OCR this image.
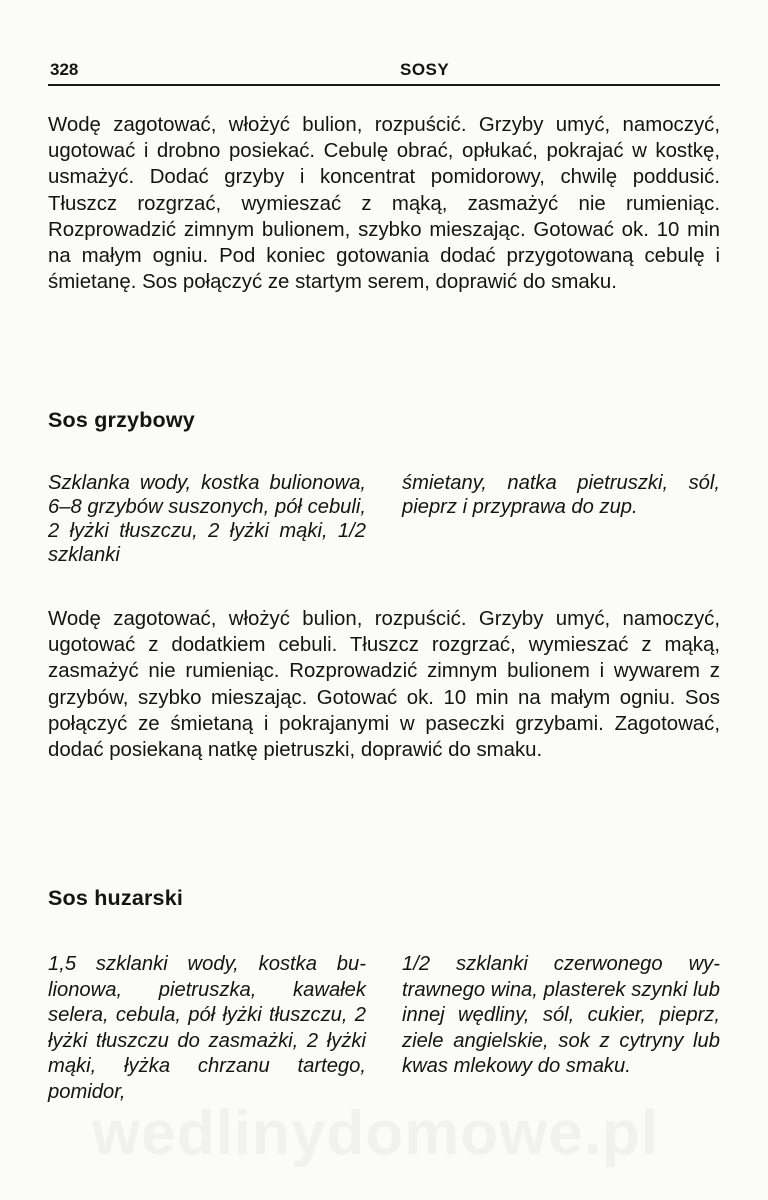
328	SOSY

Wodę zagotować, włożyć bulion, rozpuścić. Grzyby umyć, namoczyć, ugotować i drobno posiekać. Cebulę obrać, opłukać, pokrajać w kostkę, usmażyć. Dodać grzyby i koncentrat pomidorowy, chwilę poddusić. Tłuszcz rozgrzać, wymieszać z mąką, zasmażyć nie rumieniąc. Rozprowadzić zimnym bulionem, szybko mieszając. Gotować ok. 10 min na małym ogniu. Pod koniec gotowania dodać przygotowaną cebulę i śmietanę. Sos połączyć ze startym serem, doprawić do smaku.

Sos grzybowy

Szklanka wody, kostka bulionowa, 6–8 grzybów suszonych, pół cebuli, 2 łyżki tłuszczu, 2 łyżki mąki, 1/2 szklanki

śmietany, natka pietruszki, sól, pieprz i przyprawa do zup.

Wodę zagotować, włożyć bulion, rozpuścić. Grzyby umyć, namoczyć, ugotować z dodatkiem cebuli. Tłuszcz rozgrzać, wymieszać z mąką, zasmażyć nie rumieniąc. Rozprowadzić zimnym bulionem i wywarem z grzybów, szybko mieszając. Gotować ok. 10 min na małym ogniu. Sos połączyć ze śmietaną i pokrajanymi w paseczki grzybami. Zagotować, dodać posiekaną natkę pietruszki, doprawić do smaku.

Sos huzarski

1,5 szklanki wody, kostka bulionowa, pietruszka, kawałek selera, cebula, pół łyżki tłuszczu, 2 łyżki tłuszczu do zasmażki, 2 łyżki mąki, łyżka chrzanu tartego, pomidor,

1/2 szklanki czerwonego wytrawnego wina, plasterek szynki lub innej wędliny, sól, cukier, pieprz, ziele angielskie, sok z cytryny lub kwas mlekowy do smaku.

wedlinydomowe.pl
